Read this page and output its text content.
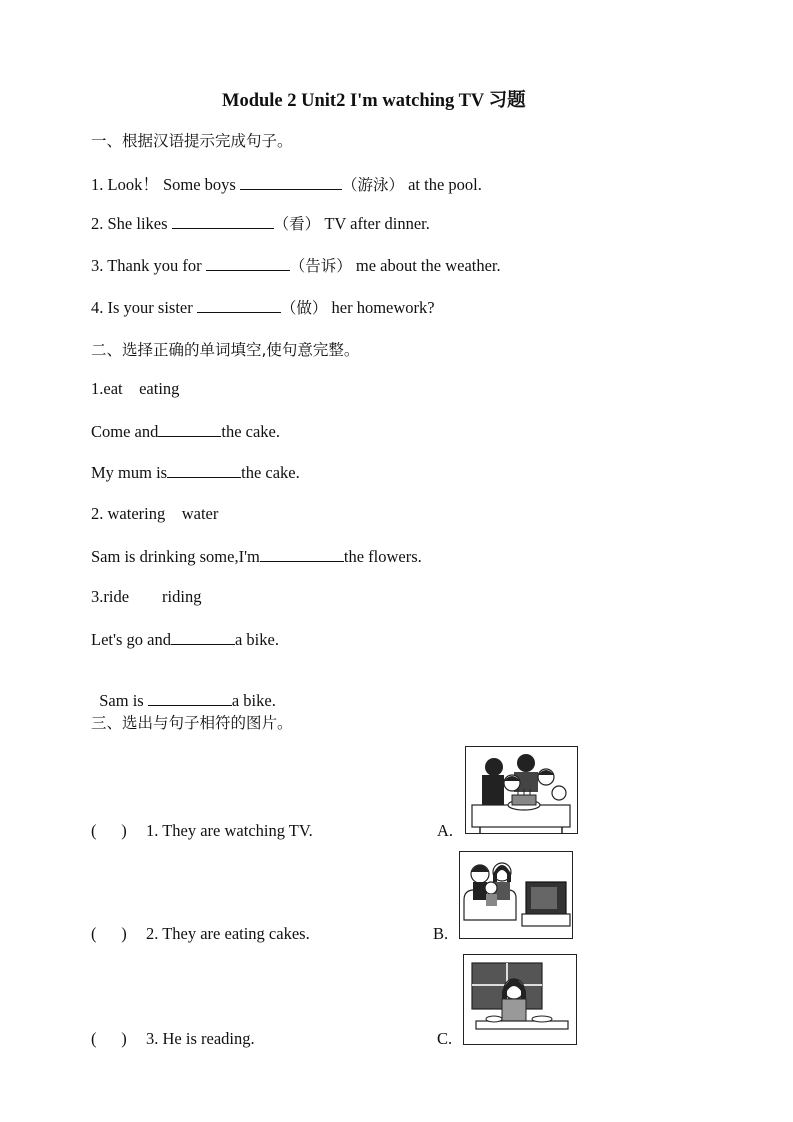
Module 2 Unit2 I'm watching TV 习题
一、根据汉语提示完成句子。
1. Look！ Some boys	（游泳） at the pool.
2. She likes	（看） TV after dinner.
3. Thank you for	（告诉） me about the weather.
4. Is your sister	（做） her homework?
二、选择正确的单词填空,使句意完整。
1.eat    eating
Come and	the cake.
My mum is	the cake.
2. watering    water
Sam is drinking some,I'm	the flowers.
3.ride        riding
Let's go and	a bike.

Sam is	a bike.

三、选出与句子相符的图片。
(      ) 1. They are watching TV.	A.
(      ) 2. They are eating cakes.	B.
(      ) 3. He is reading.	C.
